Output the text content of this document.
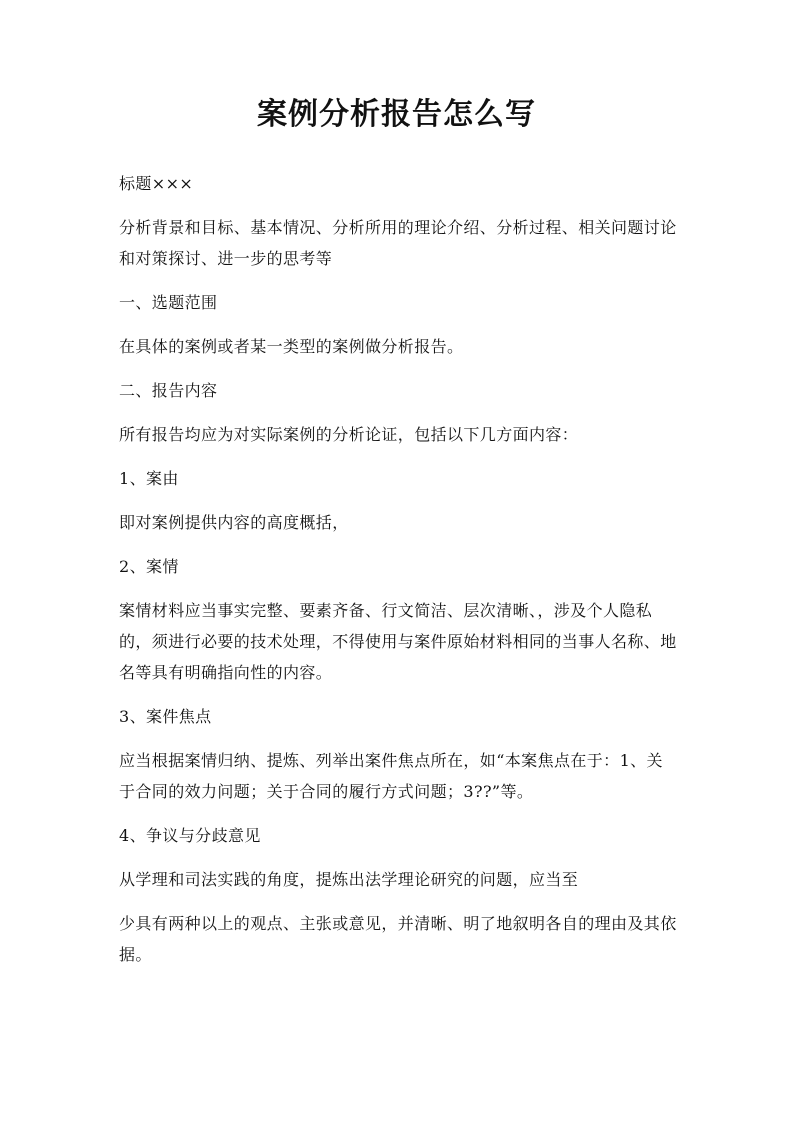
案例分析报告怎么写

标题×××

分析背景和目标、基本情况、分析所用的理论介绍、分析过程、相关问题讨论和对策探讨、进一步的思考等

一、选题范围

在具体的案例或者某一类型的案例做分析报告。

二、报告内容

所有报告均应为对实际案例的分析论证，包括以下几方面内容：

1、案由

即对案例提供内容的高度概括，

2、案情

案情材料应当事实完整、要素齐备、行文简洁、层次清晰、，涉及个人隐私的，须进行必要的技术处理，不得使用与案件原始材料相同的当事人名称、地名等具有明确指向性的内容。

3、案件焦点

应当根据案情归纳、提炼、列举出案件焦点所在，如“本案焦点在于：1、关于合同的效力问题；关于合同的履行方式问题；3??”等。

4、争议与分歧意见

从学理和司法实践的角度，提炼出法学理论研究的问题，应当至

少具有两种以上的观点、主张或意见，并清晰、明了地叙明各自的理由及其依据。
